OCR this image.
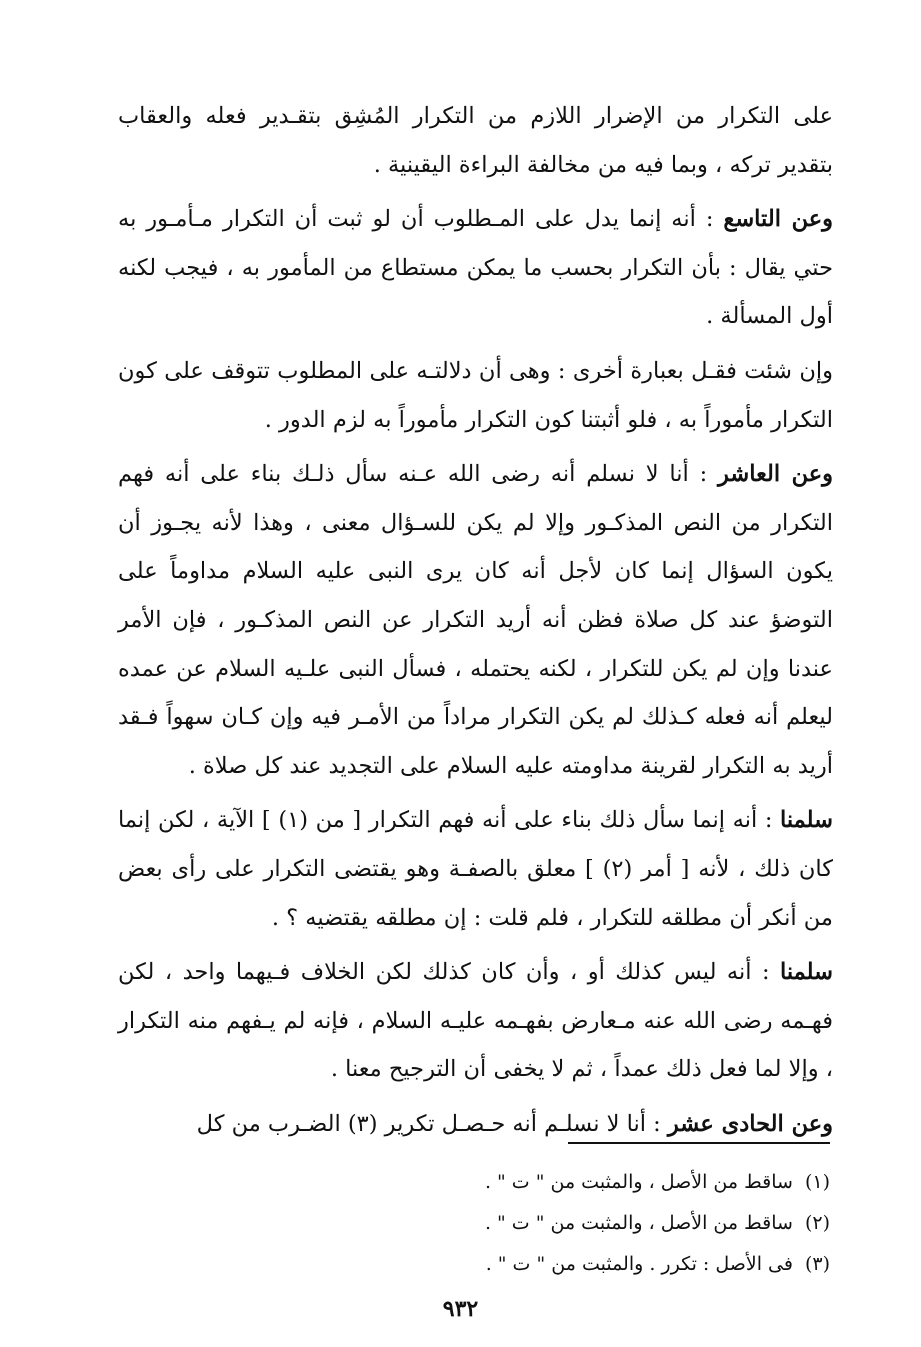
على التكرار من الإضرار اللازم من التكرار المُشِق بتقـدير فعله والعقاب بتقدير تركه ، وبما فيه من مخالفة البراءة اليقينية .

وعن التاسع : أنه إنما يدل على المـطلوب أن لو ثبت أن التكرار مـأمـور به حتي يقال : بأن التكرار بحسب ما يمكن مستطاع من المأمور به ، فيجب لكنه أول المسألة .

وإن شئت فقـل بعبارة أخرى : وهى أن دلالتـه على المطلوب تتوقف على كون التكرار مأموراً به ، فلو أثبتنا كون التكرار مأموراً به لزم الدور .

وعن العاشر : أنا لا نسلم أنه رضى الله عـنه سأل ذلـك بناء على أنه فهم التكرار من النص المذكـور وإلا لم يكن للسـؤال معنى ، وهذا لأنه يجـوز أن يكون السؤال إنما كان لأجل أنه كان يرى النبى عليه السلام مداوماً على التوضؤ عند كل صلاة فظن أنه أريد التكرار عن النص المذكـور ، فإن الأمر عندنا وإن لم يكن للتكرار ، لكنه يحتمله ، فسأل النبى علـيه السلام عن عمده ليعلم أنه فعله كـذلك لم يكن التكرار مراداً من الأمـر فيه وإن كـان سهواً فـقد أريد به التكرار لقرينة مداومته عليه السلام على التجديد عند كل صلاة .

سلمنا : أنه إنما سأل ذلك بناء على أنه فهم التكرار [ من (١) ] الآية ، لكن إنما كان ذلك ، لأنه [ أمر (٢) ] معلق بالصفـة وهو يقتضى التكرار على رأى بعض من أنكر أن مطلقه للتكرار ، فلم قلت : إن مطلقه يقتضيه ؟ .

سلمنا : أنه ليس كذلك أو ، وأن كان كذلك لكن الخلاف فـيهما واحد ، لكن فهـمه رضى الله عنه مـعارض بفهـمه عليـه السلام ، فإنه لم يـفهم منه التكرار ، وإلا لما فعل ذلك عمداً ، ثم لا يخفى أن الترجيح معنا .

وعن الحادى عشر : أنا لا نسلـم أنه حـصـل تكرير (٣) الضـرب من كل

(١)ساقط من الأصل ، والمثبت من " ت " .
(٢)ساقط من الأصل ، والمثبت من " ت " .
(٣)فى الأصل : تكرر . والمثبت من " ت " .
٩٣٢
